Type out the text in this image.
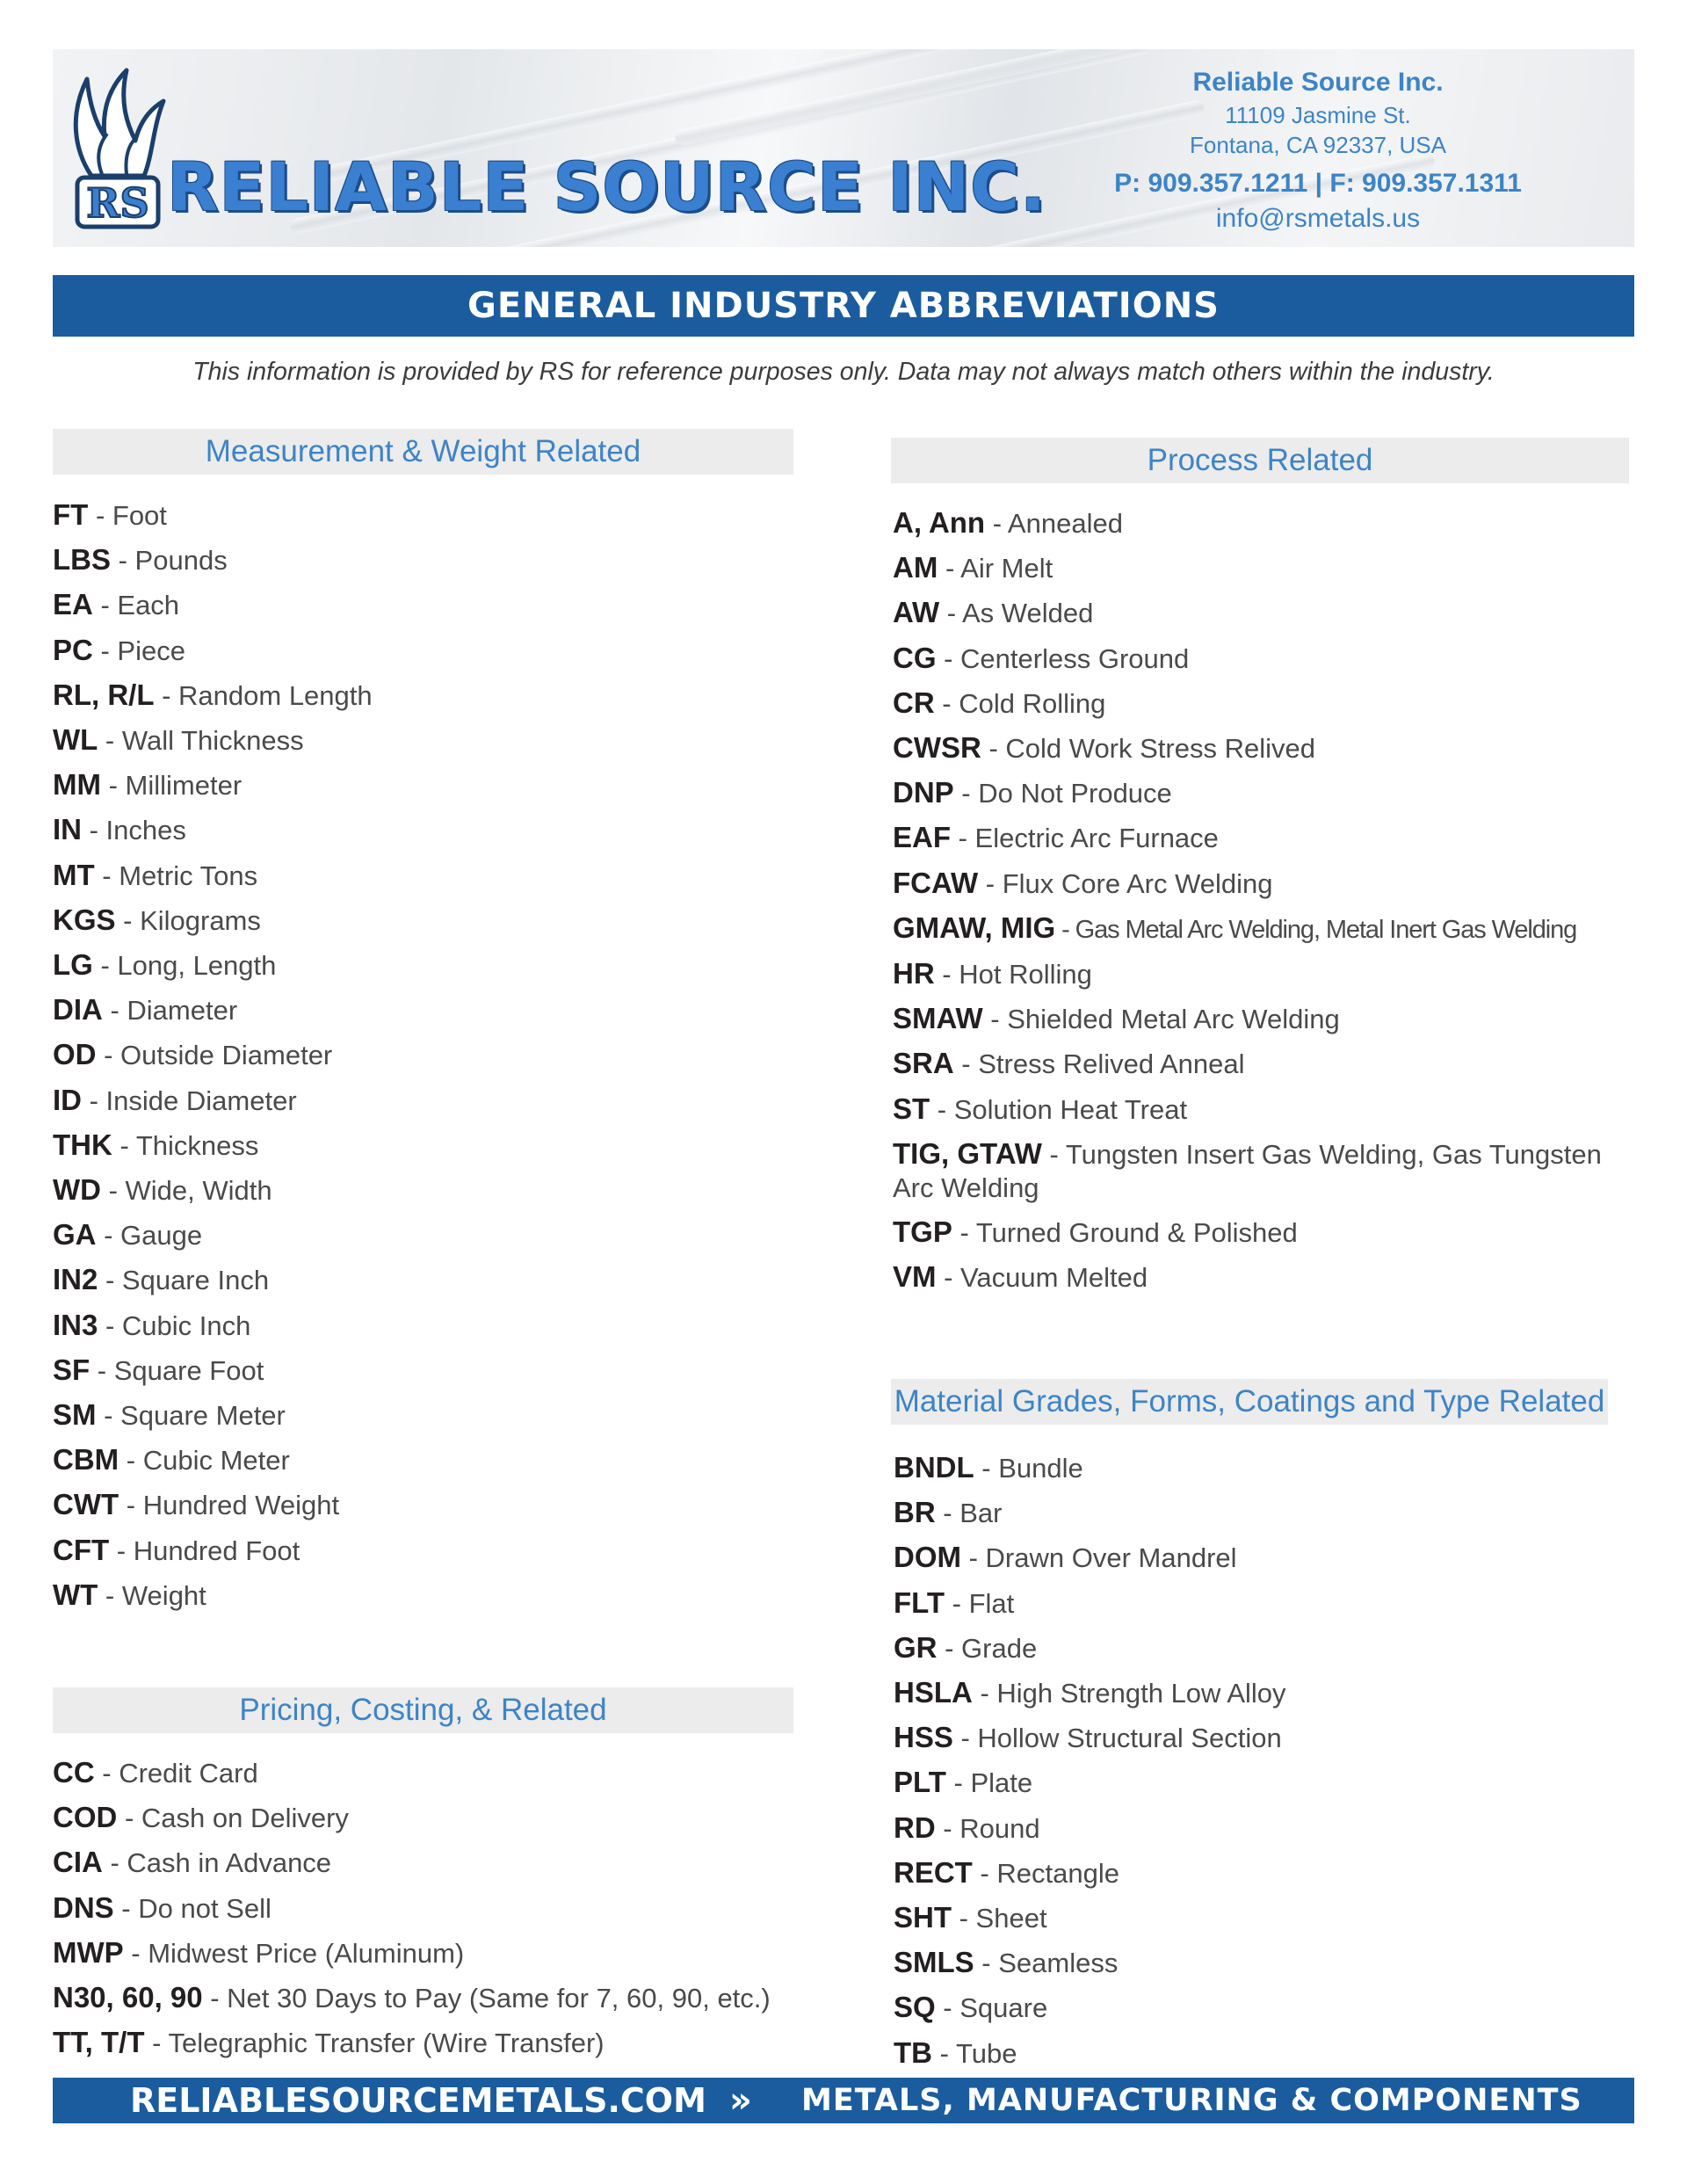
RS RELIABLE SOURCE INC.
Reliable Source Inc.
11109 Jasmine St.
Fontana, CA 92337, USA
P: 909.357.1211 | F: 909.357.1311
info@rsmetals.us
GENERAL INDUSTRY ABBREVIATIONS
This information is provided by RS for reference purposes only. Data may not always match others within the industry.
Measurement & Weight Related
FT - Foot
LBS - Pounds
EA - Each
PC - Piece
RL, R/L - Random Length
WL - Wall Thickness
MM - Millimeter
IN - Inches
MT - Metric Tons
KGS - Kilograms
LG - Long, Length
DIA - Diameter
OD - Outside Diameter
ID - Inside Diameter
THK - Thickness
WD - Wide, Width
GA - Gauge
IN2 - Square Inch
IN3 - Cubic Inch
SF - Square Foot
SM - Square Meter
CBM - Cubic Meter
CWT - Hundred Weight
CFT - Hundred Foot
WT - Weight
Pricing, Costing, & Related
CC - Credit Card
COD - Cash on Delivery
CIA - Cash in Advance
DNS - Do not Sell
MWP - Midwest Price (Aluminum)
N30, 60, 90 - Net 30 Days to Pay (Same for 7, 60, 90, etc.)
TT, T/T - Telegraphic Transfer (Wire Transfer)
Process Related
A, Ann - Annealed
AM - Air Melt
AW - As Welded
CG - Centerless Ground
CR - Cold Rolling
CWSR - Cold Work Stress Relived
DNP - Do Not Produce
EAF - Electric Arc Furnace
FCAW - Flux Core Arc Welding
GMAW, MIG - Gas Metal Arc Welding, Metal Inert Gas Welding
HR - Hot Rolling
SMAW - Shielded Metal Arc Welding
SRA - Stress Relived Anneal
ST - Solution Heat Treat
TIG, GTAW - Tungsten Insert Gas Welding, Gas Tungsten Arc Welding
TGP - Turned Ground & Polished
VM - Vacuum Melted
Material Grades, Forms, Coatings and Type Related
BNDL - Bundle
BR - Bar
DOM - Drawn Over Mandrel
FLT - Flat
GR - Grade
HSLA - High Strength Low Alloy
HSS - Hollow Structural Section
PLT - Plate
RD - Round
RECT - Rectangle
SHT - Sheet
SMLS - Seamless
SQ - Square
TB - Tube
RELIABLESOURCEMETALS.COM » METALS, MANUFACTURING & COMPONENTS
